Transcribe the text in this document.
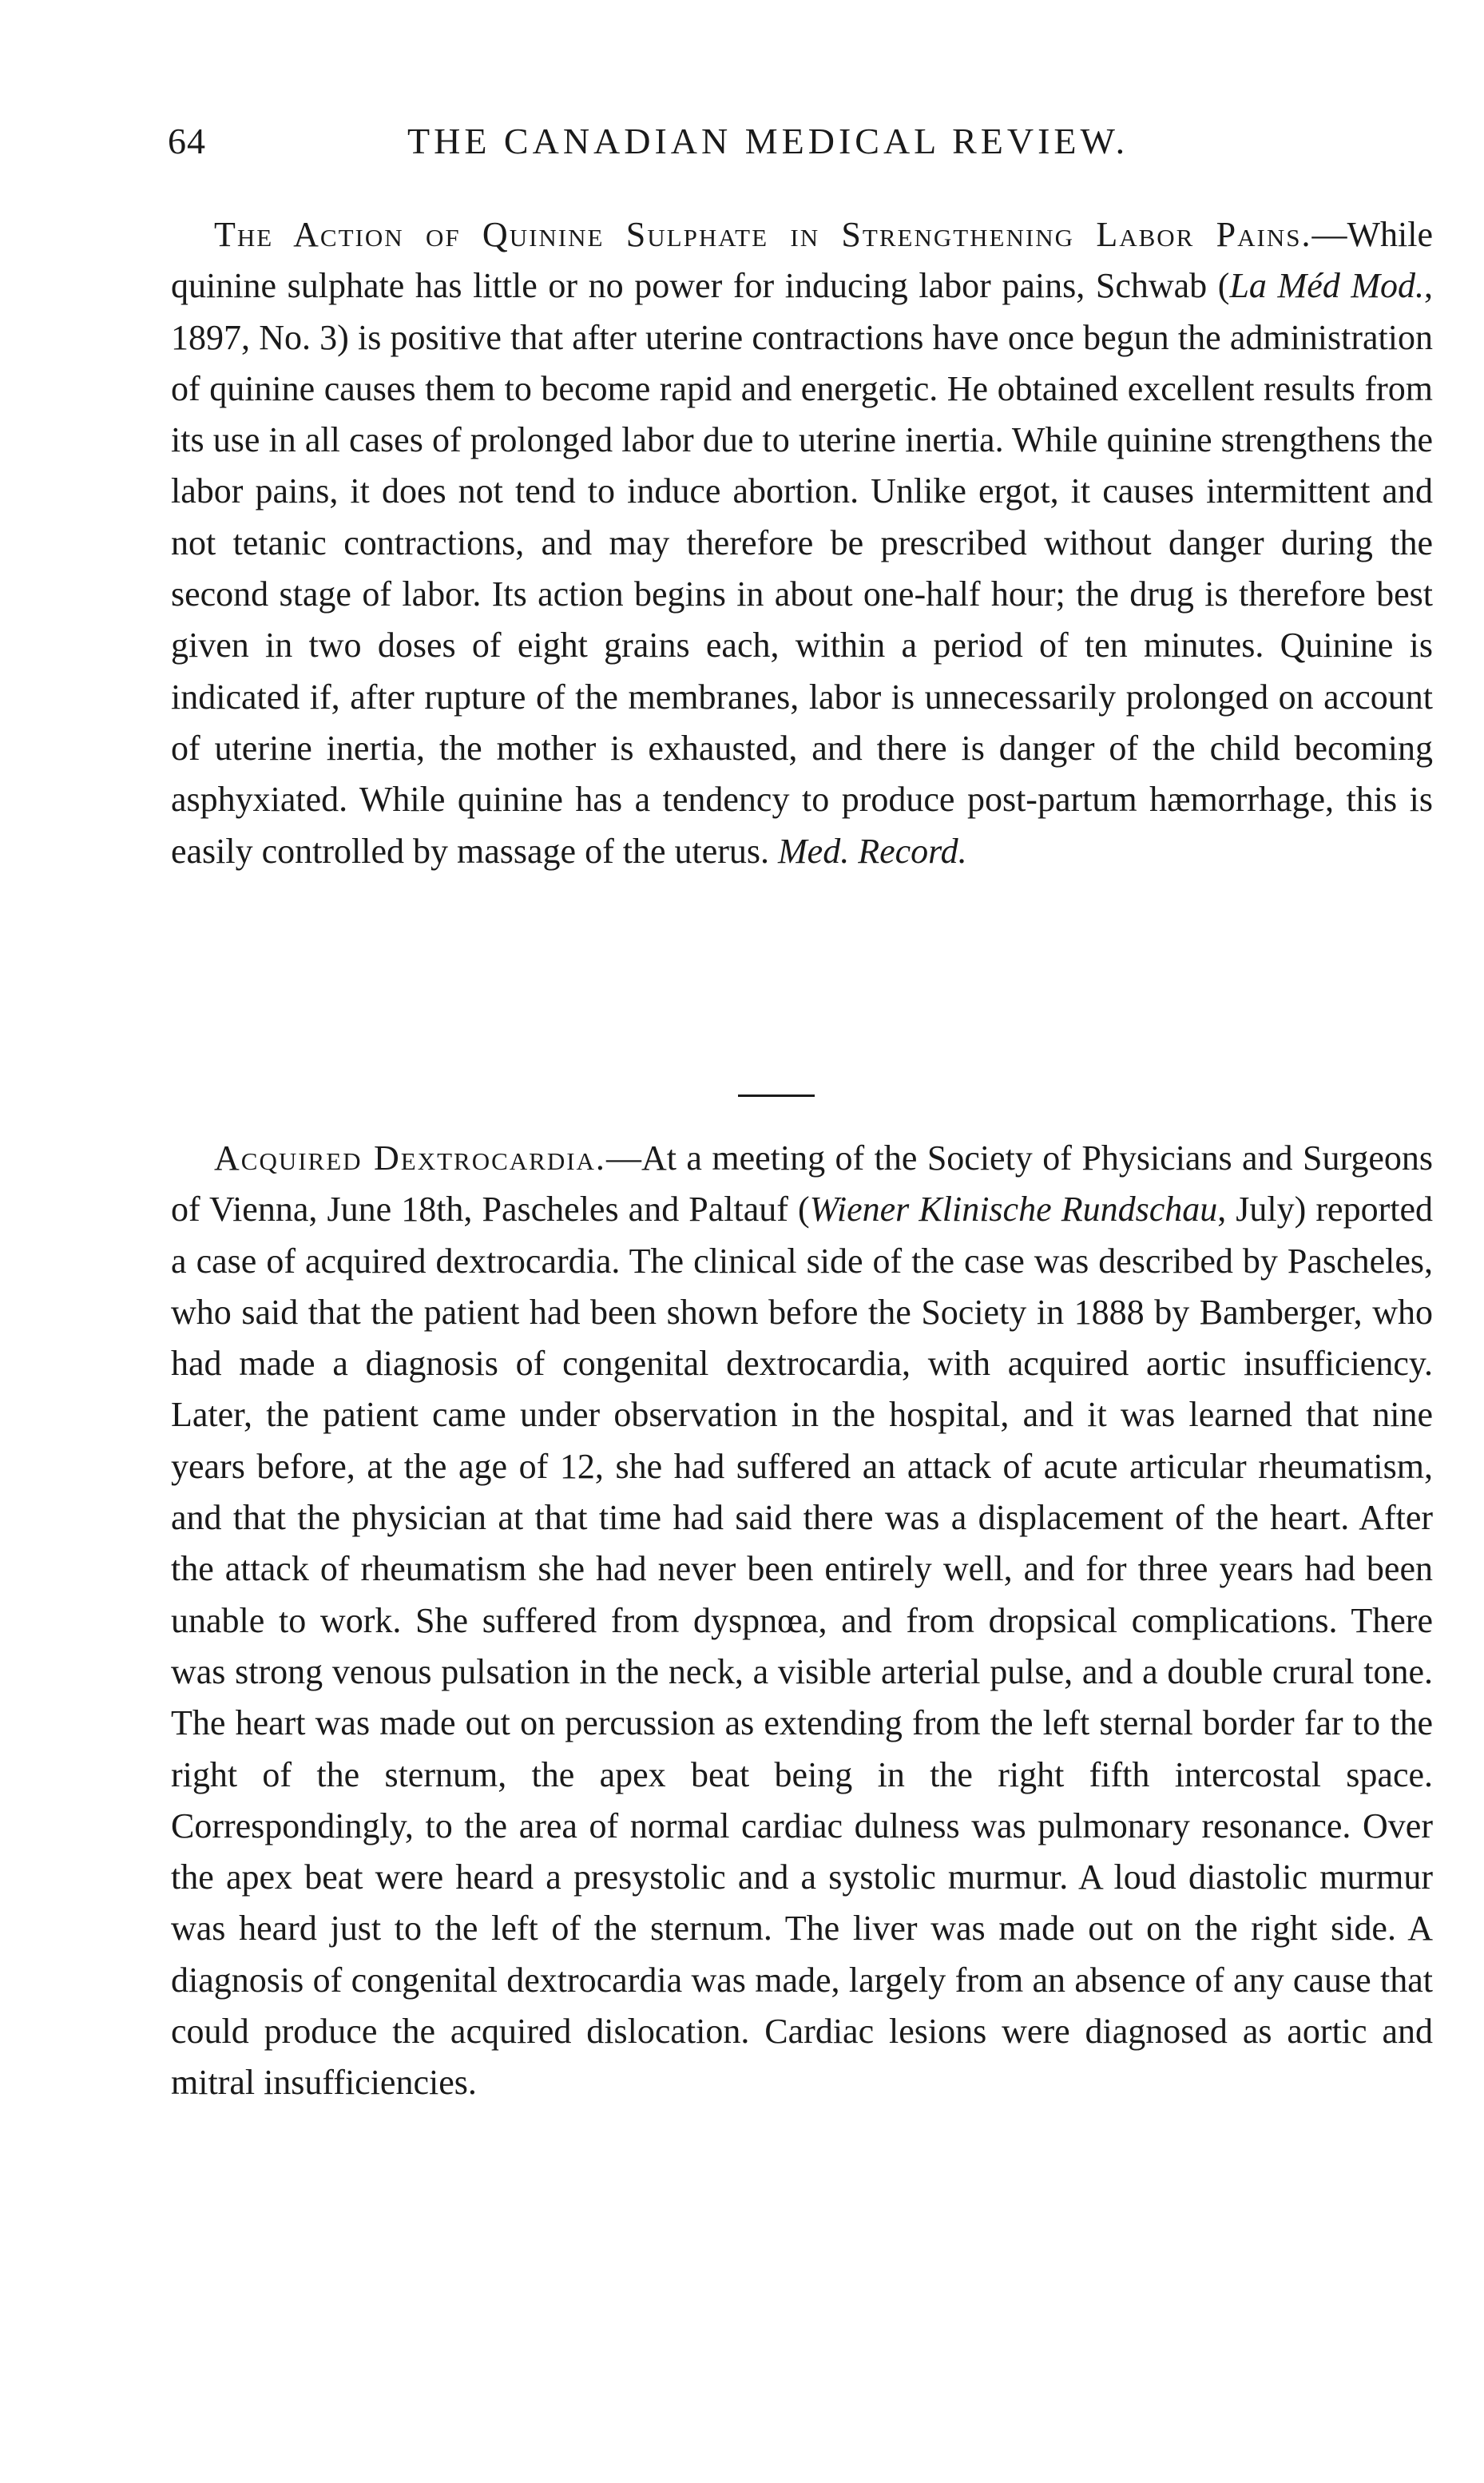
64	THE CANADIAN MEDICAL REVIEW.

The Action of Quinine Sulphate in Strengthening Labor Pains.—While quinine sulphate has little or no power for inducing labor pains, Schwab (La Méd Mod., 1897, No. 3) is positive that after uterine contractions have once begun the administration of quinine causes them to become rapid and energetic. He obtained excellent results from its use in all cases of prolonged labor due to uterine inertia. While quinine strengthens the labor pains, it does not tend to induce abortion. Unlike ergot, it causes intermittent and not tetanic contractions, and may therefore be prescribed without danger during the second stage of labor. Its action begins in about one-half hour; the drug is therefore best given in two doses of eight grains each, within a period of ten minutes. Quinine is indicated if, after rupture of the membranes, labor is unnecessarily prolonged on account of uterine inertia, the mother is exhausted, and there is danger of the child becoming asphyxiated. While quinine has a tendency to produce post-partum hæmorrhage, this is easily controlled by massage of the uterus. Med. Record.

Acquired Dextrocardia.—At a meeting of the Society of Physicians and Surgeons of Vienna, June 18th, Pascheles and Paltauf (Wiener Klinische Rundschau, July) reported a case of acquired dextrocardia. The clinical side of the case was described by Pascheles, who said that the patient had been shown before the Society in 1888 by Bamberger, who had made a diagnosis of congenital dextrocardia, with acquired aortic insufficiency. Later, the patient came under observation in the hospital, and it was learned that nine years before, at the age of 12, she had suffered an attack of acute articular rheumatism, and that the physician at that time had said there was a displacement of the heart. After the attack of rheumatism she had never been entirely well, and for three years had been unable to work. She suffered from dyspnœa, and from dropsical complications. There was strong venous pulsation in the neck, a visible arterial pulse, and a double crural tone. The heart was made out on percussion as extending from the left sternal border far to the right of the sternum, the apex beat being in the right fifth intercostal space. Correspondingly, to the area of normal cardiac dulness was pulmonary resonance. Over the apex beat were heard a presystolic and a systolic murmur. A loud diastolic murmur was heard just to the left of the sternum. The liver was made out on the right side. A diagnosis of congenital dextrocardia was made, largely from an absence of any cause that could produce the acquired dislocation. Cardiac lesions were diagnosed as aortic and mitral insufficiencies.
